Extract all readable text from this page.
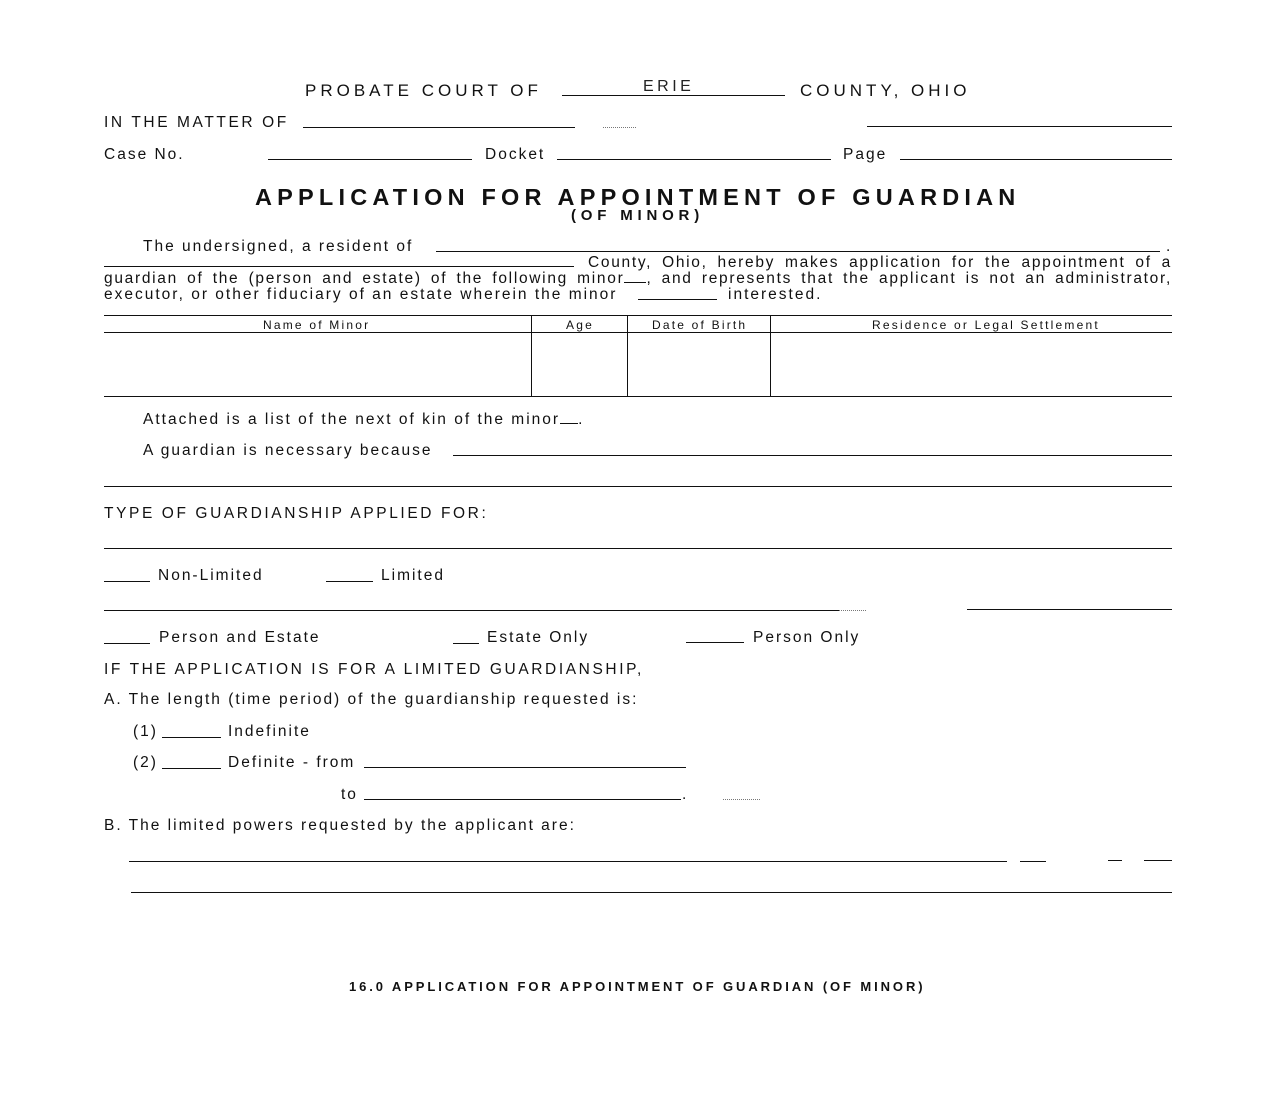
PROBATE COURT OF	ERIE	COUNTY, OHIO
IN THE MATTER OF
Case No.	Docket	Page
APPLICATION FOR APPOINTMENT OF GUARDIAN
(OF MINOR)
The undersigned, a resident of	.
County, Ohio, hereby makes application for the appointment of a
guardian of the (person and estate) of the following minor , and represents that the applicant is not an administrator,
executor, or other fiduciary of an estate wherein the minor	interested.
Name of Minor	Age	Date of Birth	Residence or Legal Settlement
Attached is a list of the next of kin of the minor .
A guardian is necessary because
TYPE OF GUARDIANSHIP APPLIED FOR:
Non-Limited	Limited
Person and Estate	Estate Only	Person Only
IF THE APPLICATION IS FOR A LIMITED GUARDIANSHIP,
A. The length (time period) of the guardianship requested is:
(1)	Indefinite
(2)	Definite - from
to	.
B. The limited powers requested by the applicant are:
16.0 APPLICATION FOR APPOINTMENT OF GUARDIAN (OF MINOR)
